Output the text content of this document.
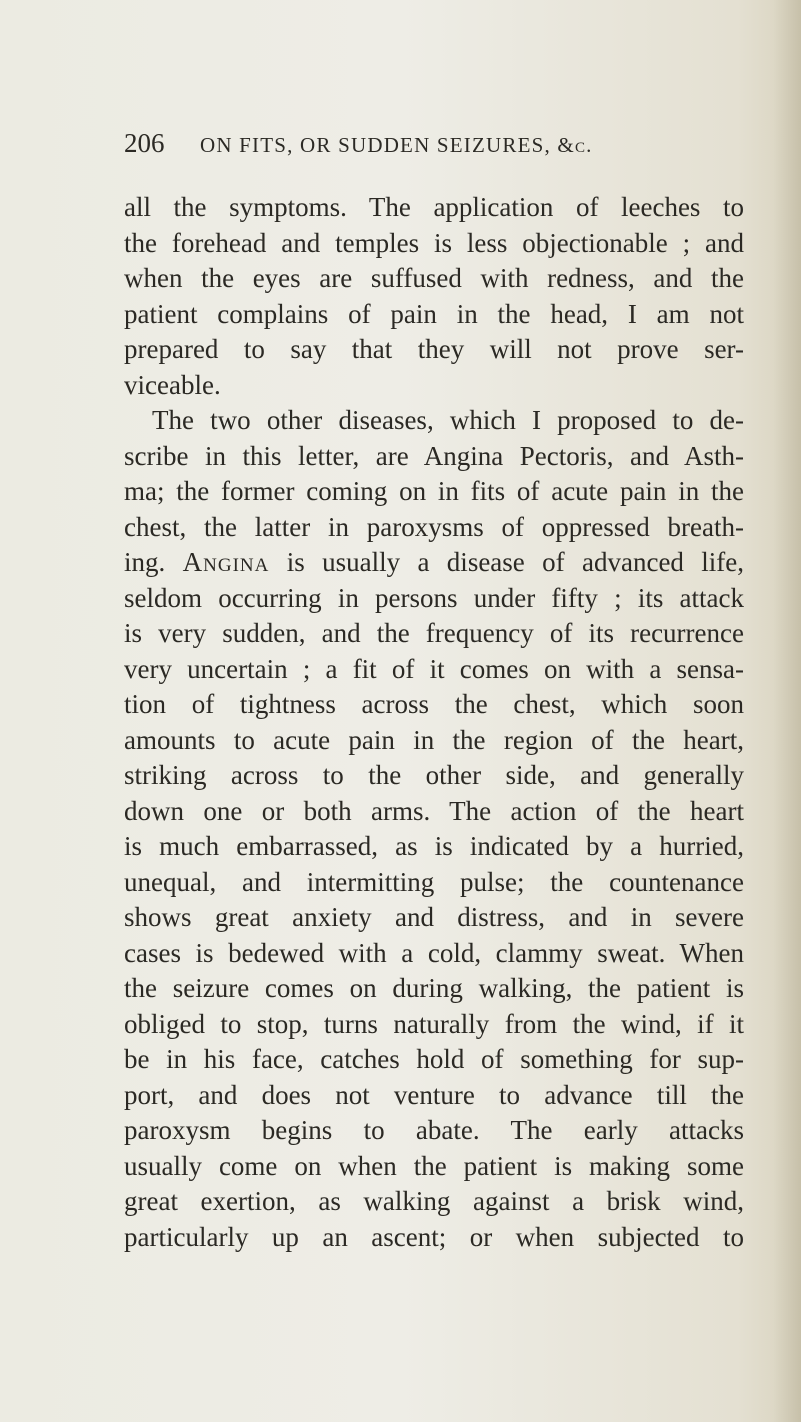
206 ON FITS, OR SUDDEN SEIZURES, &c.
all the symptoms. The application of leeches to
the forehead and temples is less objectionable ; and
when the eyes are suffused with redness, and the
patient complains of pain in the head, I am not
prepared to say that they will not prove ser-
viceable.
The two other diseases, which I proposed to de-
scribe in this letter, are Angina Pectoris, and Asth-
ma; the former coming on in fits of acute pain in the
chest, the latter in paroxysms of oppressed breath-
ing. Angina is usually a disease of advanced life,
seldom occurring in persons under fifty ; its attack
is very sudden, and the frequency of its recurrence
very uncertain ; a fit of it comes on with a sensa-
tion of tightness across the chest, which soon
amounts to acute pain in the region of the heart,
striking across to the other side, and generally
down one or both arms. The action of the heart
is much embarrassed, as is indicated by a hurried,
unequal, and intermitting pulse; the countenance
shows great anxiety and distress, and in severe
cases is bedewed with a cold, clammy sweat. When
the seizure comes on during walking, the patient is
obliged to stop, turns naturally from the wind, if it
be in his face, catches hold of something for sup-
port, and does not venture to advance till the
paroxysm begins to abate. The early attacks
usually come on when the patient is making some
great exertion, as walking against a brisk wind,
particularly up an ascent; or when subjected to
